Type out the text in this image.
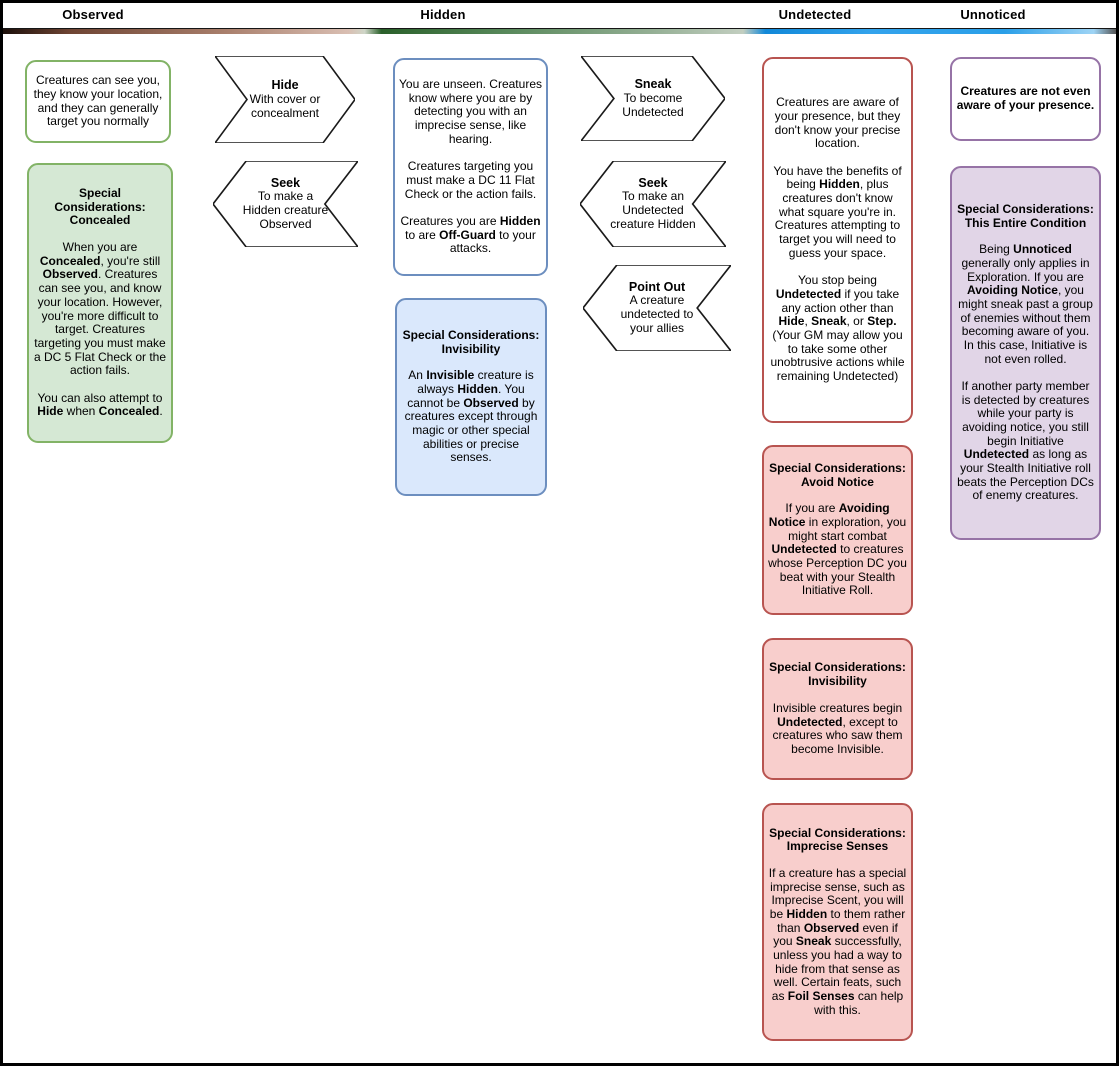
Observed	Hidden	Undetected	Unnoticed
Creatures can see you, they know your location, and they can generally target you normally
Special Considerations:
Concealed
When you are Concealed, you're still Observed. Creatures can see you, and know your location. However, you're more difficult to target. Creatures targeting you must make a DC 5 Flat Check or the action fails.

You can also attempt to Hide when Concealed.
Hide
With cover or concealment
Seek
To make a Hidden creature Observed
You are unseen. Creatures know where you are by detecting you with an imprecise sense, like hearing.

Creatures targeting you must make a DC 11 Flat Check or the action fails.

Creatures you are Hidden to are Off-Guard to your attacks.
Special Considerations:
Invisibility
An Invisible creature is always Hidden. You cannot be Observed by creatures except through magic or other special abilities or precise senses.
Sneak
To become Undetected
Seek
To make an Undetected creature Hidden
Point Out
A creature undetected to your allies
Creatures are aware of your presence, but they don't know your precise location.

You have the benefits of being Hidden, plus creatures don't know what square you're in. Creatures attempting to target you will need to guess your space.

You stop being Undetected if you take any action other than Hide, Sneak, or Step. (Your GM may allow you to take some other unobtrusive actions while remaining Undetected)
Special Considerations:
Avoid Notice
If you are Avoiding Notice in exploration, you might start combat Undetected to creatures whose Perception DC you beat with your Stealth Initiative Roll.
Special Considerations:
Invisibility
Invisible creatures begin Undetected, except to creatures who saw them become Invisible.
Special Considerations:
Imprecise Senses
If a creature has a special imprecise sense, such as Imprecise Scent, you will be Hidden to them rather than Observed even if you Sneak successfully, unless you had a way to hide from that sense as well. Certain feats, such as Foil Senses can help with this.
Creatures are not even aware of your presence.
Special Considerations:
This Entire Condition
Being Unnoticed generally only applies in Exploration. If you are Avoiding Notice, you might sneak past a group of enemies without them becoming aware of you. In this case, Initiative is not even rolled.

If another party member is detected by creatures while your party is avoiding notice, you still begin Initiative Undetected as long as your Stealth Initiative roll beats the Perception DCs of enemy creatures.
